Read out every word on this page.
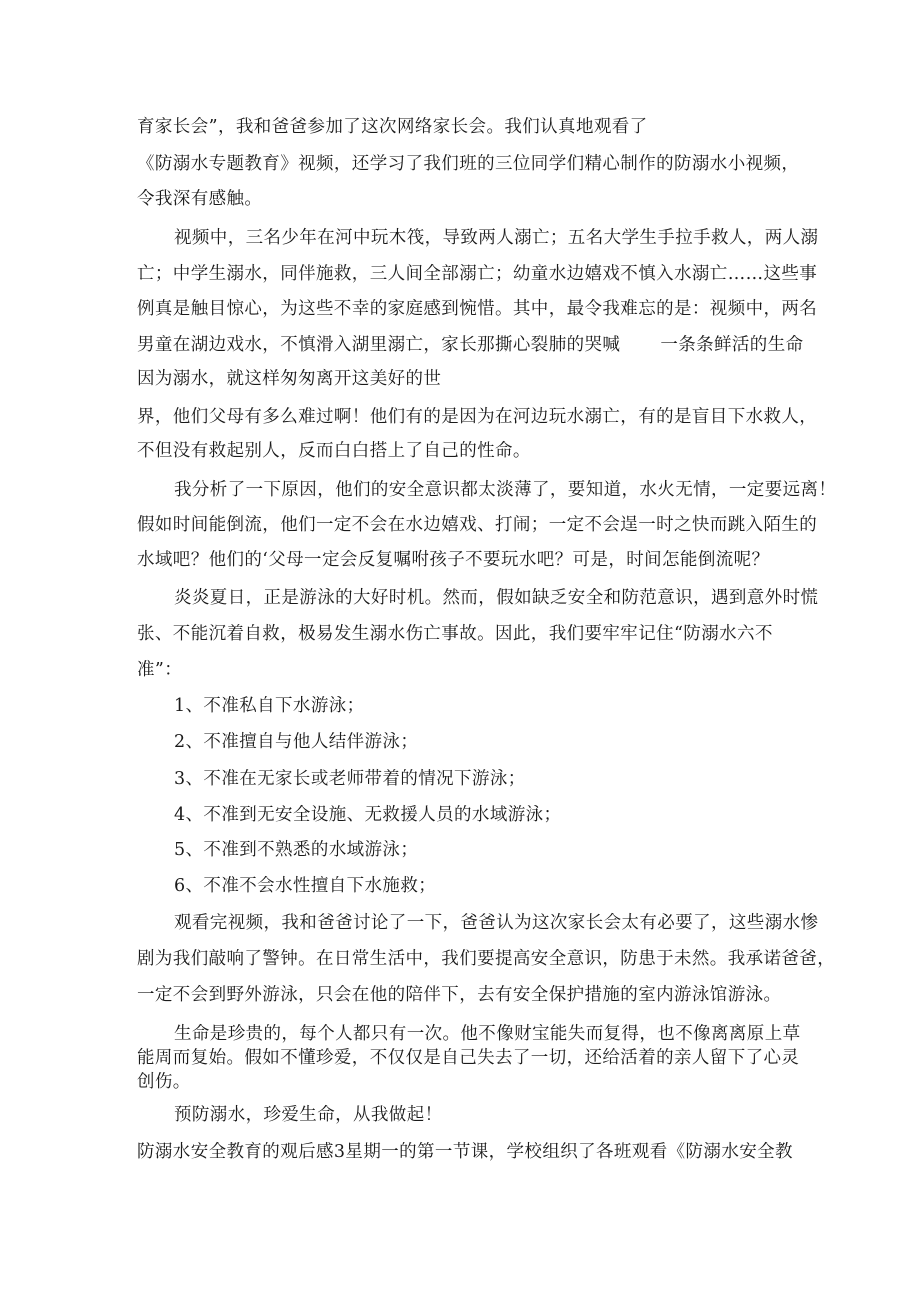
育家长会”，我和爸爸参加了这次网络家长会。我们认真地观看了
《防溺水专题教育》视频，还学习了我们班的三位同学们精心制作的防溺水小视频，
令我深有感触。
视频中，三名少年在河中玩木筏，导致两人溺亡；五名大学生手拉手救人，两人溺
亡；中学生溺水，同伴施救，三人间全部溺亡；幼童水边嬉戏不慎入水溺亡……这些事
例真是触目惊心，为这些不幸的家庭感到惋惜。其中，最令我难忘的是：视频中，两名
男童在湖边戏水，不慎滑入湖里溺亡，家长那撕心裂肺的哭喊 一条条鲜活的生命
因为溺水，就这样匆匆离开这美好的世
界，他们父母有多么难过啊！他们有的是因为在河边玩水溺亡，有的是盲目下水救人，
不但没有救起别人，反而白白搭上了自己的性命。
我分析了一下原因，他们的安全意识都太淡薄了，要知道，水火无情，一定要远离！
假如时间能倒流，他们一定不会在水边嬉戏、打闹；一定不会逞一时之快而跳入陌生的
水域吧？他们的‘父母一定会反复嘱咐孩子不要玩水吧？可是，时间怎能倒流呢？
炎炎夏日，正是游泳的大好时机。然而，假如缺乏安全和防范意识，遇到意外时慌
张、不能沉着自救，极易发生溺水伤亡事故。因此，我们要牢牢记住“防溺水六不
准”：
1、不准私自下水游泳；
2、不准擅自与他人结伴游泳；
3、不准在无家长或老师带着的情况下游泳；
4、不准到无安全设施、无救援人员的水域游泳；
5、不准到不熟悉的水域游泳；
6、不准不会水性擅自下水施救；
观看完视频，我和爸爸讨论了一下，爸爸认为这次家长会太有必要了，这些溺水惨
剧为我们敲响了警钟。在日常生活中，我们要提高安全意识，防患于未然。我承诺爸爸，
一定不会到野外游泳，只会在他的陪伴下，去有安全保护措施的室内游泳馆游泳。
生命是珍贵的，每个人都只有一次。他不像财宝能失而复得，也不像离离原上草
能周而复始。假如不懂珍爱，不仅仅是自己失去了一切，还给活着的亲人留下了心灵
创伤。
预防溺水，珍爱生命，从我做起！
防溺水安全教育的观后感3星期一的第一节课，学校组织了各班观看《防溺水安全教
